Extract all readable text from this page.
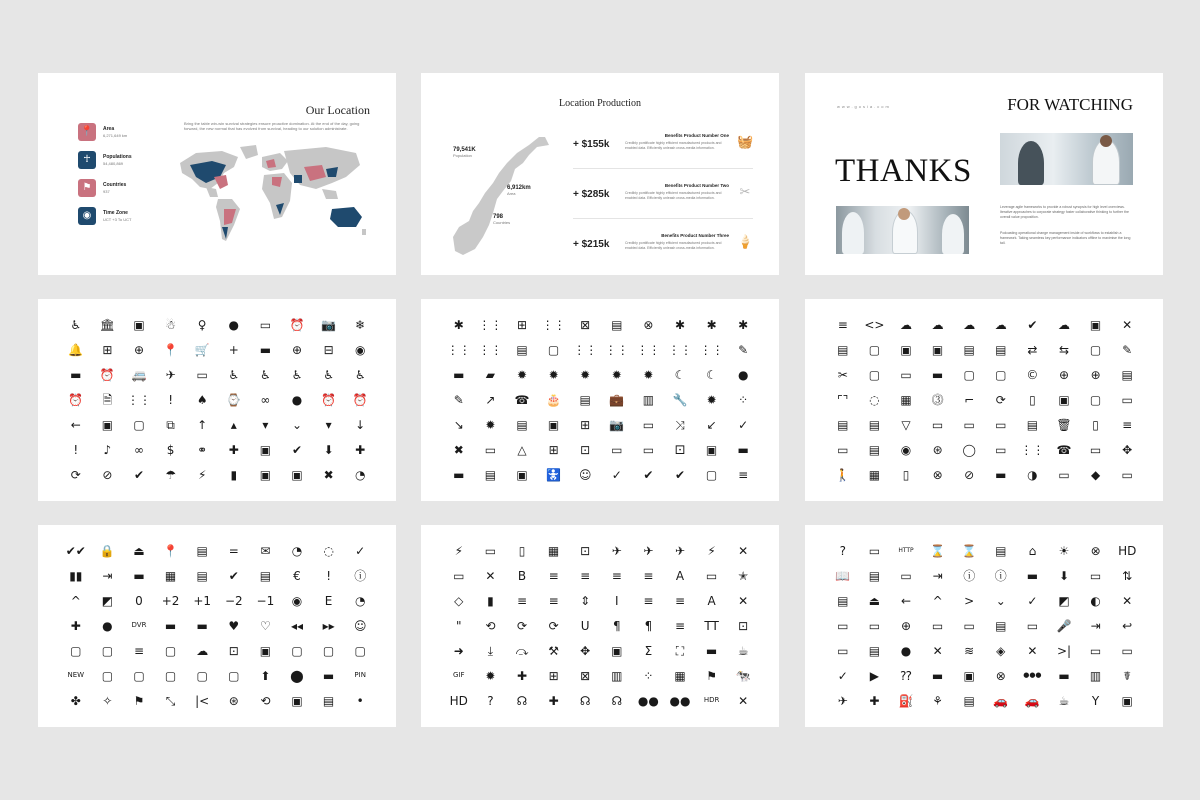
Our Location
Bring the table win-win survival strategies ensure proactive domination. At the end of the day, going forward, the new normal that has evolved from survival, heading to our solution administrate.
📍	Area
6,271,649 km
☥	Populations
54,480,869
⚑	Countries
937
◉	Time Zone
UCT +3 To UCT
Location Production
79,541K
Population
6,912km
Area
798
Countries
+ $155k
Benefits Product Number One
Credibly pontificate highly efficient manufactured products and enabled data. Efficiently unleash cross-media information.	🧺
+ $285k
Benefits Product Number Two
Credibly pontificate highly efficient manufactured products and enabled data. Efficiently unleash cross-media information.	✂
+ $215k
Benefits Product Number Three
Credibly pontificate highly efficient manufactured products and enabled data. Efficiently unleash cross-media information.	🍦
www.gosia.com	FOR WATCHING
THANKS
Leverage agile frameworks to provide a robust synopsis for high level overviews. Iterative approaches to corporate strategy foster collaborative thinking to further the overall value proposition.
Podcasting operational change management inside of workflows to establish a framework. Taking seamless key performance indicators offline to maximise the long tail.
♿	🏛	▣	☃	♀	●	▭	⏰	📷	❄
🔔	⊞	⊕	📍	🛒	+	▬	⊕	⊟	◉
▬	⏰	🚐	✈	▭	♿	♿	♿	♿	♿
⏰	🗎	⋮⋮	!	♠	⌚	∞	●	⏰	⏰
←	▣	▢	⧉	↑	▴	▾	⌄	▾	↓
!	♪	∞	$	⚭	✚	▣	✔	⬇	✚
⟳	⊘	✔	☂	⚡	▮	▣	▣	✖	◔
✱	⋮⋮	⊞	⋮⋮	⊠	▤	⊗	✱	✱	✱
⋮⋮ ⋮⋮	▤	▢	⋮⋮ ⋮⋮ ⋮⋮ ⋮⋮ ⋮⋮	✎
▬	▰	✹	✹	✹	✹	✹	☾	☾	●
✎	↗	☎	🎂	▤	💼	▥	🔧	✹	⁘
↘	✹	▤	▣	⊞	📷	▭	⤨	↙	✓
✖	▭	△	⊞	⊡	▭	▭	⚀	▣	▬
▬	▤	▣	🚼	☺	✓	✔	✔	▢	≡
≡	<>	☁	☁	☁	☁	✔	☁	▣	✕
▤	▢	▣	▣	▤	▤	⇄	⇆	▢	✎
✂	▢	▭	▬	▢	▢	©	⊕	⊕	▤
⌜⌝	◌	▦	⓷	⌐	⟳	▯	▣	▢	▭
▤	▤	▽	▭	▭	▭	▤	🗑	▯	≡
▭	▤	◉	⊛	◯	▭	⋮⋮	☎	▭	✥
🚶	▦	▯	⊗	⊘	▬	◑	▭	◆	▭
✔✔	🔒	⏏	📍	▤	=	✉	◔	◌	✓
▮▮	⇥	▬	▦	▤	✔	▤	€	!	ⓘ
^	◩	0	+2	+1	−2	−1	◉	E	◔
✚	●	DVR	▬	▬	♥	♡	◂◂	▸▸	☺
▢	▢	≡	▢	☁	⊡	▣	▢	▢	▢
NEW	▢	▢	▢	▢	▢	⬆	⬤	▬	PIN
✤	✧	⚑	⤡	|<	⊛	⟲	▣	▤	•
⚡	▭	▯	▦	⊡	✈	✈	✈	⚡	✕
▭	✕	B	≡	≡	≡	≡	A	▭	✭
◇	▮	≡	≡	⇕	I	≡	≡	A	✕
"	⟲	⟳	⟳	U	¶	¶	≡	TT	⊡
➜	⤓	⤼	⚒	✥	▣	Σ	⛶	▬	☕
GIF	✹	✚	⊞	⊠	▥	⁘	▦	⚑	🐄
HD	?	☊	✚	☊	☊	●● ●●	HDR	✕
?	▭	HTTP	⌛	⌛	▤	⌂	☀	⊗	HD
📖	▤	▭	⇥	ⓘ	ⓘ	▬	⬇	▭	⇅
▤	⏏	←	^	>	⌄	✓	◩	◐	✕
▭	▭	⊕	▭	▭	▤	▭	🎤	⇥	↩
▭	▤	●	✕	≋	◈	✕	>|	▭	▭
✓	▶	⁇	▬	▣	⊗	●●●	▬	▥	☤
✈	✚	⛽	⚘	▤	🚗	🚗	☕	Y	▣
